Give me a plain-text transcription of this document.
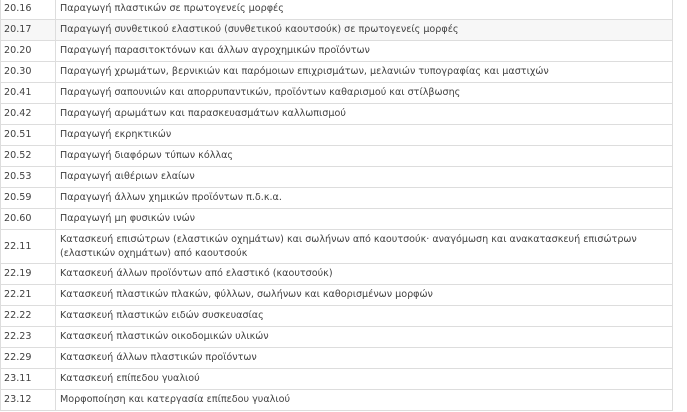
20.16	Παραγωγή πλαστικών σε πρωτογενείς μορφές
20.17	Παραγωγή συνθετικού ελαστικού (συνθετικού καουτσούκ) σε πρωτογενείς μορφές
20.20	Παραγωγή παρασιτοκτόνων και άλλων αγροχημικών προϊόντων
20.30	Παραγωγή χρωμάτων, βερνικιών και παρόμοιων επιχρισμάτων, μελανιών τυπογραφίας και μαστιχών
20.41	Παραγωγή σαπουνιών και απορρυπαντικών, προϊόντων καθαρισμού και στίλβωσης
20.42	Παραγωγή αρωμάτων και παρασκευασμάτων καλλωπισμού
20.51	Παραγωγή εκρηκτικών
20.52	Παραγωγή διαφόρων τύπων κόλλας
20.53	Παραγωγή αιθέριων ελαίων
20.59	Παραγωγή άλλων χημικών προϊόντων π.δ.κ.α.
20.60	Παραγωγή μη φυσικών ινών
22.11	Κατασκευή επισώτρων (ελαστικών οχημάτων) και σωλήνων από καουτσούκ· αναγόμωση και ανακατασκευή επισώτρων (ελαστικών οχημάτων) από καουτσούκ
22.19	Κατασκευή άλλων προϊόντων από ελαστικό (καουτσούκ)
22.21	Κατασκευή πλαστικών πλακών, φύλλων, σωλήνων και καθορισμένων μορφών
22.22	Κατασκευή πλαστικών ειδών συσκευασίας
22.23	Κατασκευή πλαστικών οικοδομικών υλικών
22.29	Κατασκευή άλλων πλαστικών προϊόντων
23.11	Κατασκευή επίπεδου γυαλιού
23.12	Μορφοποίηση και κατεργασία επίπεδου γυαλιού
